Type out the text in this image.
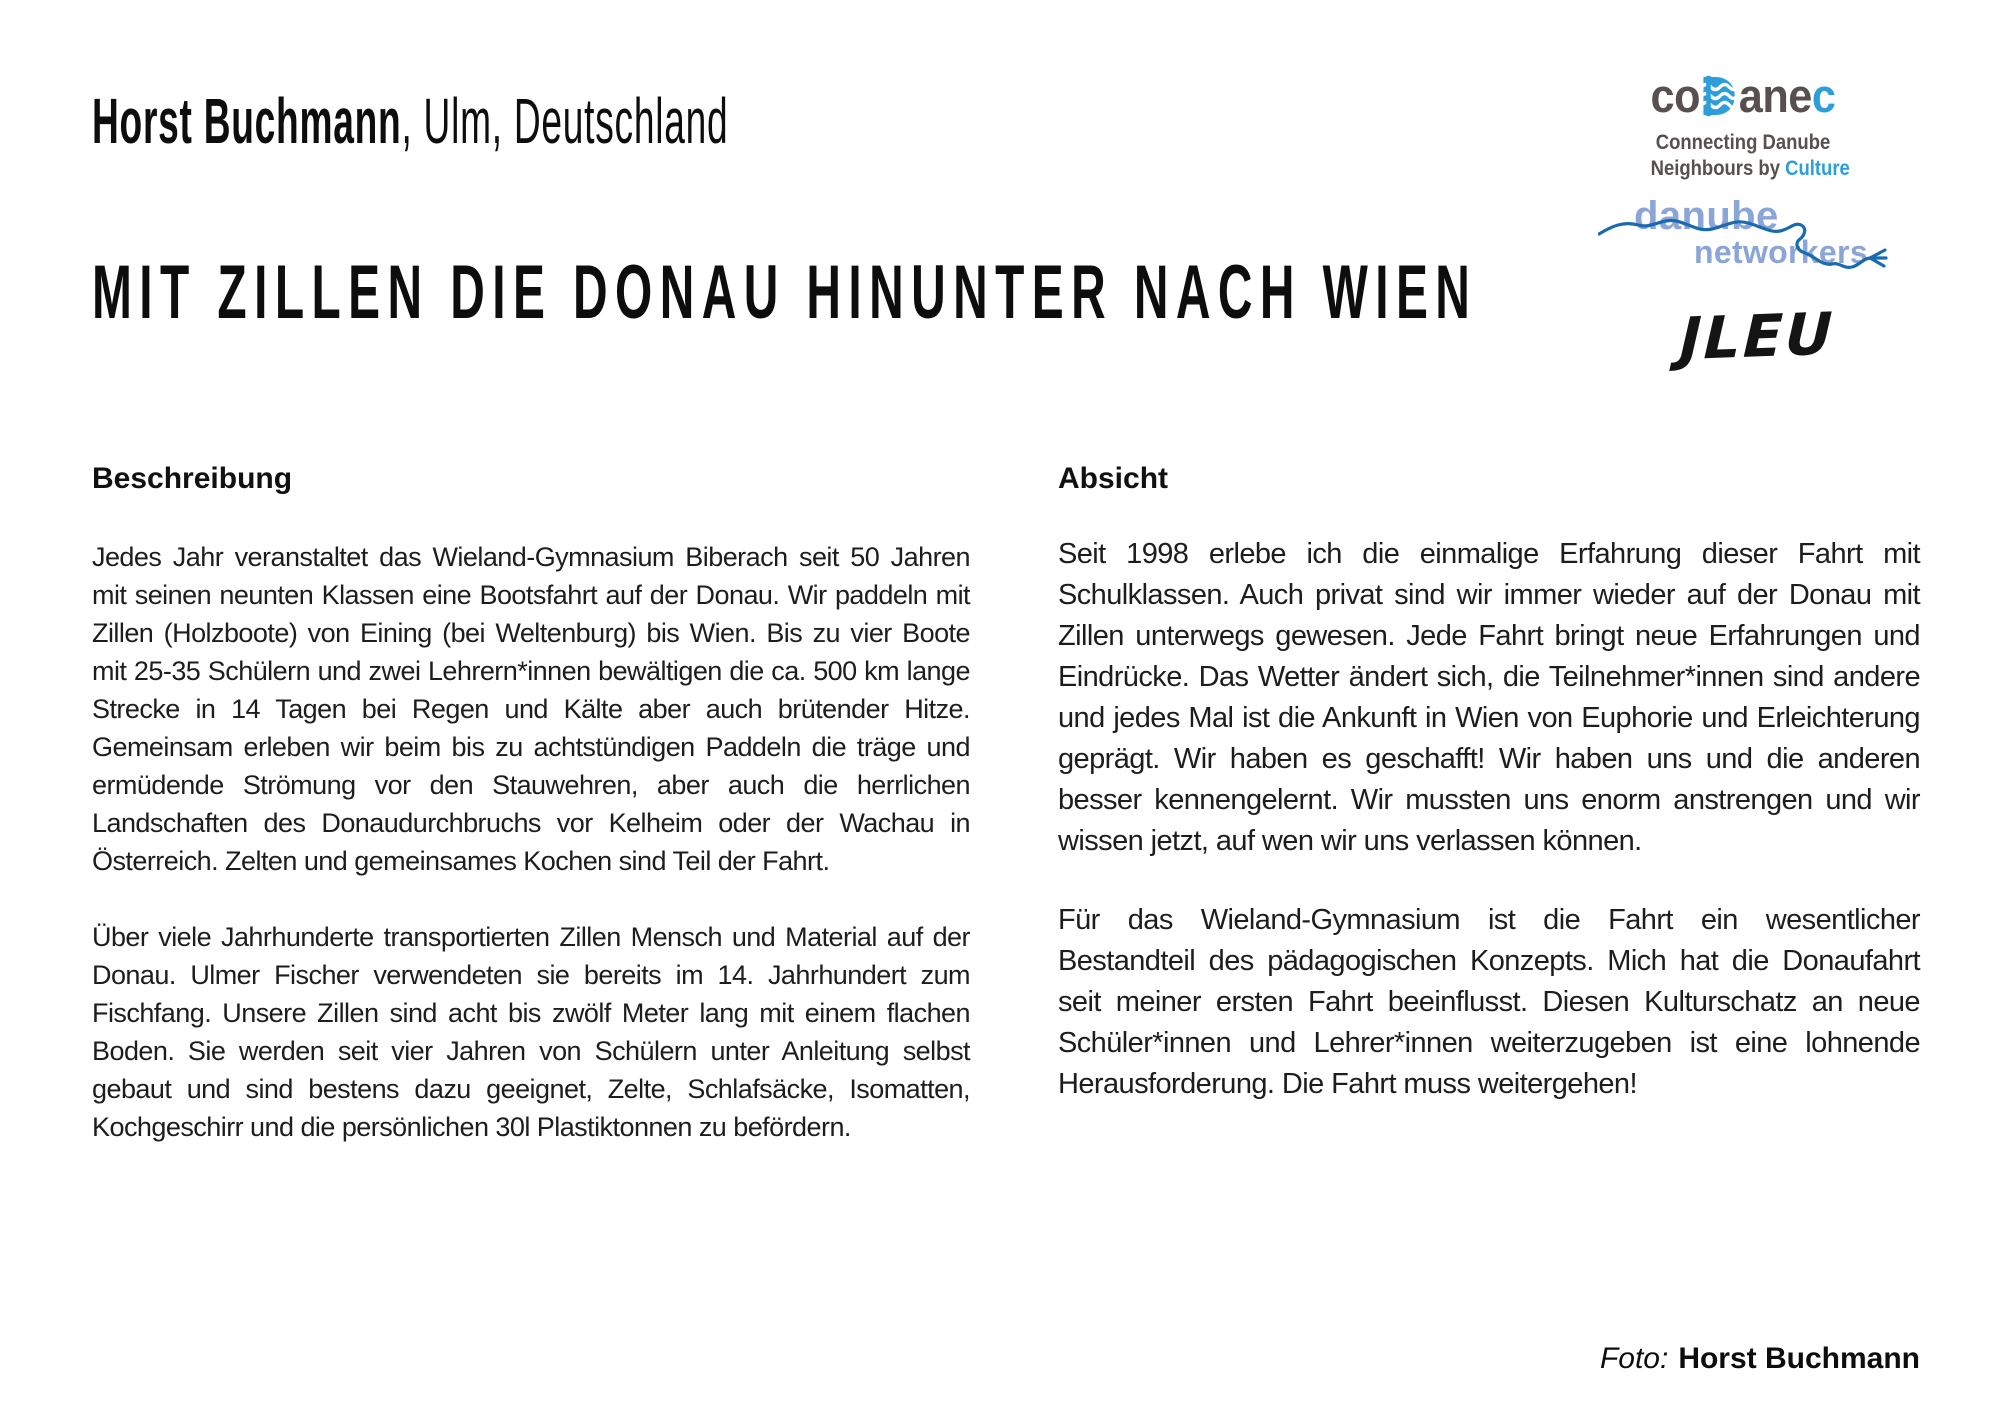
Horst Buchmann, Ulm, Deutschland
MIT ZILLEN DIE DONAU HINUNTER NACH WIEN
co anec
Connecting Danube
Neighbours by Culture
danube
networkers
JLEU
Beschreibung

Jedes Jahr veranstaltet das Wieland-Gymnasium Biberach seit 50 Jahren mit seinen neunten Klassen eine Bootsfahrt auf der Donau. Wir paddeln mit Zillen (Holzboote) von Eining (bei Weltenburg) bis Wien. Bis zu vier Boote mit 25-35 Schülern und zwei Lehrern*innen bewältigen die ca. 500 km lange Strecke in 14 Tagen bei Regen und Kälte aber auch brütender Hitze. Gemeinsam erleben wir beim bis zu achtstündigen Paddeln die träge und ermüdende Strömung vor den Stauwehren, aber auch die herrlichen Landschaften des Donaudurchbruchs vor Kelheim oder der Wachau in Österreich. Zelten und gemeinsames Kochen sind Teil der Fahrt.

Über viele Jahrhunderte transportierten Zillen Mensch und Material auf der Donau. Ulmer Fischer verwendeten sie bereits im 14. Jahrhundert zum Fischfang. Unsere Zillen sind acht bis zwölf Meter lang mit einem flachen Boden. Sie werden seit vier Jahren von Schülern unter Anleitung selbst gebaut und sind bestens dazu geeignet, Zelte, Schlafsäcke, Isomatten, Kochgeschirr und die persönlichen 30l Plastiktonnen zu befördern.

Absicht

Seit 1998 erlebe ich die einmalige Erfahrung dieser Fahrt mit Schulklassen. Auch privat sind wir immer wieder auf der Donau mit Zillen unterwegs gewesen. Jede Fahrt bringt neue Erfahrungen und Eindrücke. Das Wetter ändert sich, die Teilnehmer*innen sind andere und jedes Mal ist die Ankunft in Wien von Euphorie und Erleichterung geprägt. Wir haben es geschafft! Wir haben uns und die anderen besser kennengelernt. Wir mussten uns enorm anstrengen und wir wissen jetzt, auf wen wir uns verlassen können.

Für das Wieland-Gymnasium ist die Fahrt ein wesentlicher Bestandteil des pädagogischen Konzepts. Mich hat die Donaufahrt seit meiner ersten Fahrt beeinflusst. Diesen Kulturschatz an neue Schüler*innen und Lehrer*innen weiterzugeben ist eine lohnende Herausforderung. Die Fahrt muss weitergehen!

Foto: Horst Buchmann
